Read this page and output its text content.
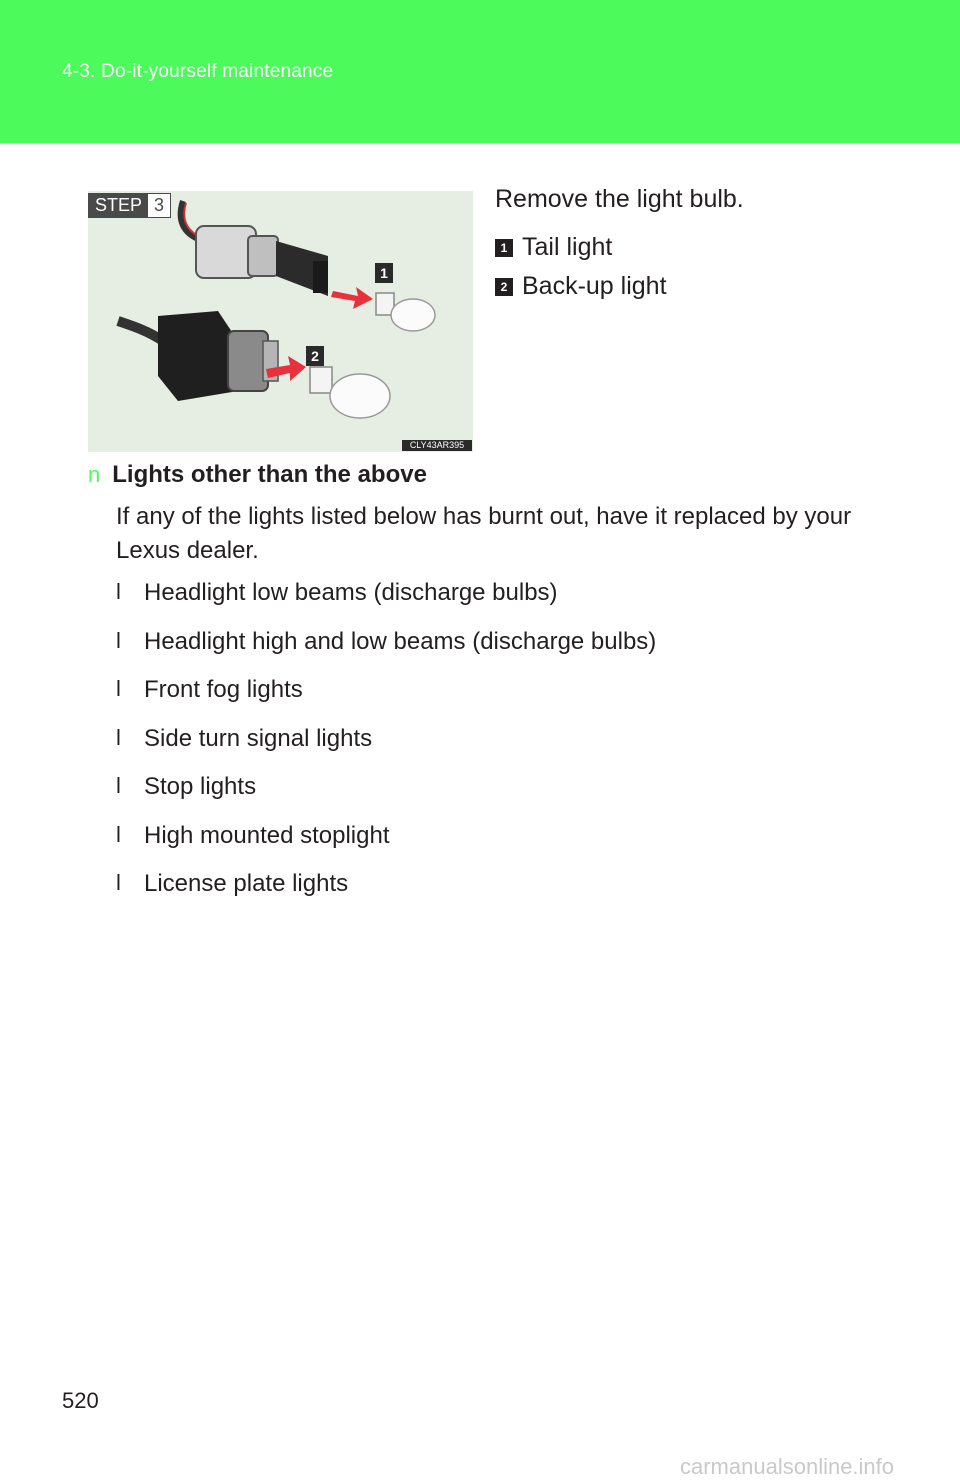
4-3. Do-it-yourself maintenance
1
2
STEP 3
CLY43AR395
Remove the light bulb.
1 Tail light
2 Back-up light
n Lights other than the above
If any of the lights listed below has burnt out, have it replaced by your Lexus dealer.
l Headlight low beams (discharge bulbs)
l Headlight high and low beams (discharge bulbs)
l Front fog lights
l Side turn signal lights
l Stop lights
l High mounted stoplight
l License plate lights
520
carmanualsonline.info
